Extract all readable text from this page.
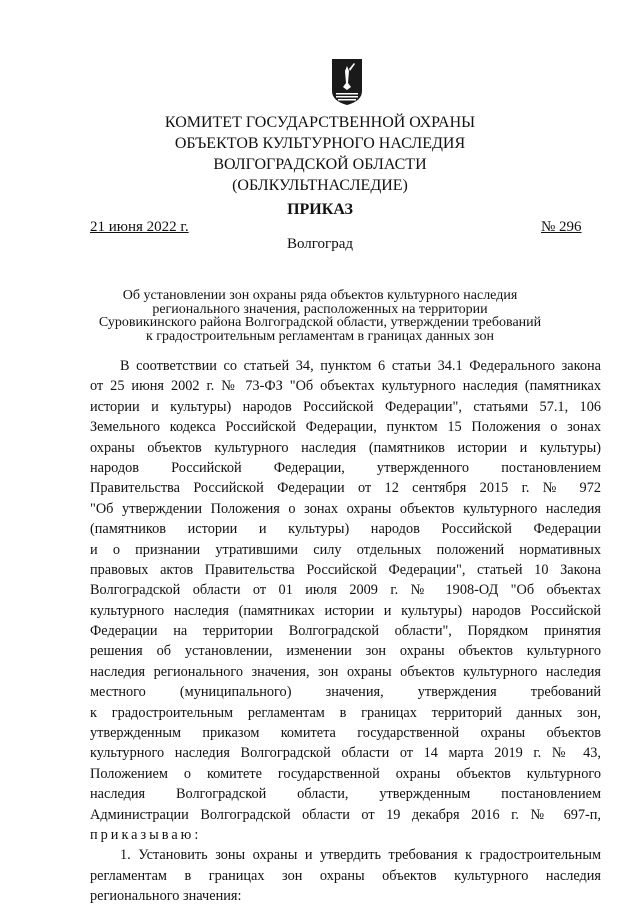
КОМИТЕТ ГОСУДАРСТВЕННОЙ ОХРАНЫ
ОБЪЕКТОВ КУЛЬТУРНОГО НАСЛЕДИЯ
ВОЛГОГРАДСКОЙ ОБЛАСТИ
(ОБЛКУЛЬТНАСЛЕДИЕ)
ПРИКАЗ
21 июня 2022 г.	№ 296
Волгоград
Об установлении зон охраны ряда объектов культурного наследия
регионального значения, расположенных на территории
Суровикинского района Волгоградской области, утверждении требований
к градостроительным регламентам в границах данных зон
В соответствии со статьей 34, пунктом 6 статьи 34.1 Федерального закона
от 25 июня 2002 г. № 73-ФЗ "Об объектах культурного наследия (памятниках
истории и культуры) народов Российской Федерации", статьями 57.1, 106
Земельного кодекса Российской Федерации, пунктом 15 Положения о зонах
охраны объектов культурного наследия (памятников истории и культуры)
народов Российской Федерации, утвержденного постановлением
Правительства Российской Федерации от 12 сентября 2015 г. № 972
"Об утверждении Положения о зонах охраны объектов культурного наследия
(памятников истории и культуры) народов Российской Федерации
и о признании утратившими силу отдельных положений нормативных
правовых актов Правительства Российской Федерации", статьей 10 Закона
Волгоградской области от 01 июля 2009 г. № 1908-ОД "Об объектах
культурного наследия (памятниках истории и культуры) народов Российской
Федерации на территории Волгоградской области", Порядком принятия
решения об установлении, изменении зон охраны объектов культурного
наследия регионального значения, зон охраны объектов культурного наследия
местного (муниципального) значения, утверждения требований
к градостроительным регламентам в границах территорий данных зон,
утвержденным приказом комитета государственной охраны объектов
культурного наследия Волгоградской области от 14 марта 2019 г. № 43,
Положением о комитете государственной охраны объектов культурного
наследия Волгоградской области, утвержденным постановлением
Администрации Волгоградской области от 19 декабря 2016 г. № 697-п,
приказываю:
1. Установить зоны охраны и утвердить требования к градостроительным
регламентам в границах зон охраны объектов культурного наследия
регионального значения:
